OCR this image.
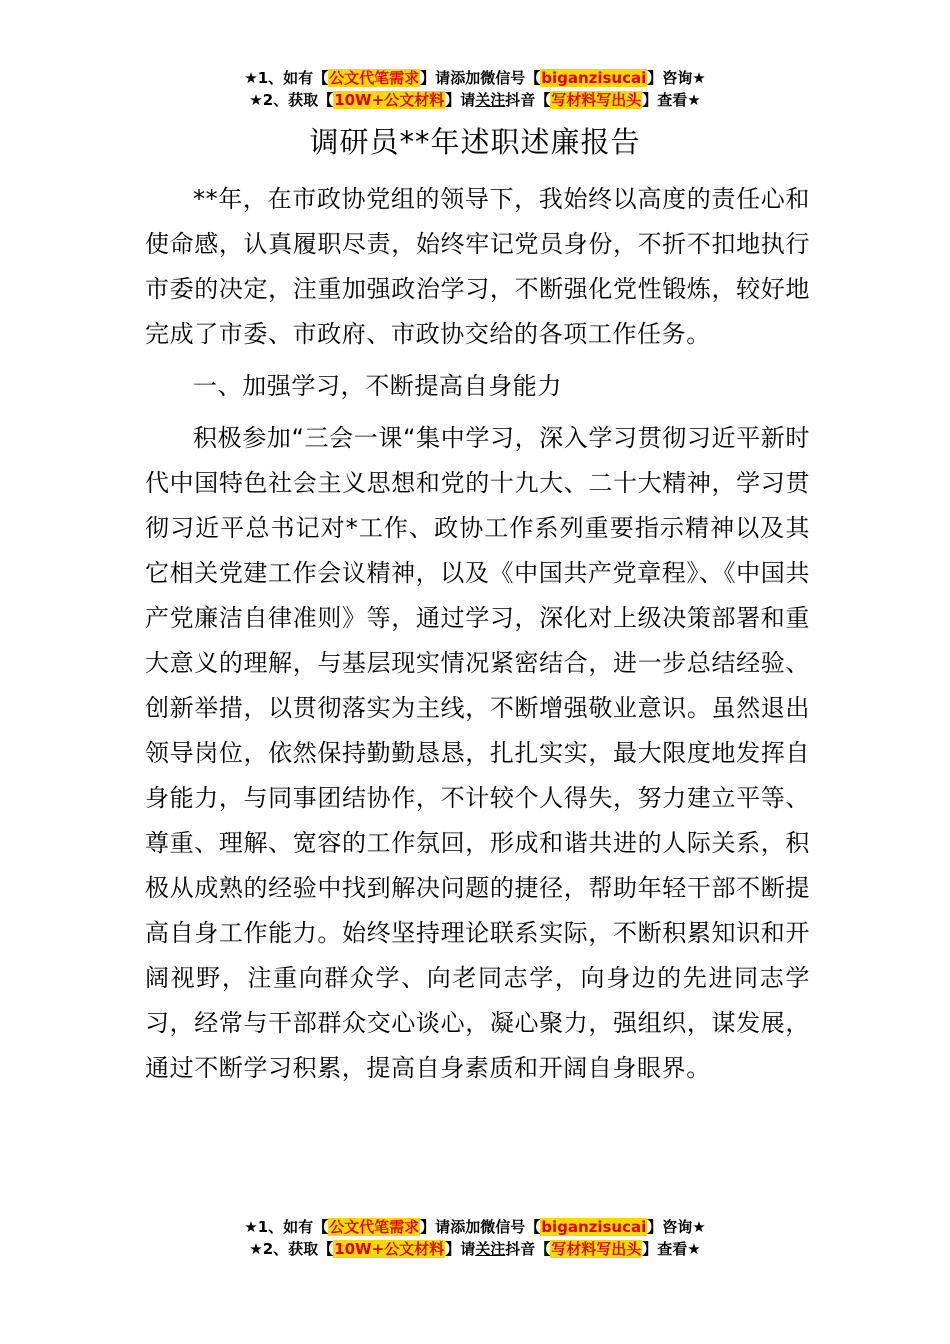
★1、如有【公文代笔需求】请添加微信号【biganzisucai】咨询★
★2、获取【10W+公文材料】请关注抖音【写材料写出头】查看★
调研员**年述职述廉报告

**年，在市政协党组的领导下，我始终以高度的责任心和使命感，认真履职尽责，始终牢记党员身份，不折不扣地执行市委的决定，注重加强政治学习，不断强化党性锻炼，较好地完成了市委、市政府、市政协交给的各项工作任务。

一、加强学习，不断提高自身能力

积极参加“三会一课“集中学习，深入学习贯彻习近平新时代中国特色社会主义思想和党的十九大、二十大精神，学习贯彻习近平总书记对*工作、政协工作系列重要指示精神以及其它相关党建工作会议精神，以及《中国共产党章程》、《中国共产党廉洁自律准则》等，通过学习，深化对上级决策部署和重大意义的理解，与基层现实情况紧密结合，进一步总结经验、创新举措，以贯彻落实为主线，不断增强敬业意识。虽然退出领导岗位，依然保持勤勤恳恳，扎扎实实，最大限度地发挥自身能力，与同事团结协作，不计较个人得失，努力建立平等、尊重、理解、宽容的工作氛回，形成和谐共进的人际关系，积极从成熟的经验中找到解决问题的捷径，帮助年轻干部不断提高自身工作能力。始终坚持理论联系实际，不断积累知识和开阔视野，注重向群众学、向老同志学，向身边的先进同志学习，经常与干部群众交心谈心，凝心聚力，强组织，谋发展，通过不断学习积累，提高自身素质和开阔自身眼界。

★1、如有【公文代笔需求】请添加微信号【biganzisucai】咨询★
★2、获取【10W+公文材料】请关注抖音【写材料写出头】查看★
